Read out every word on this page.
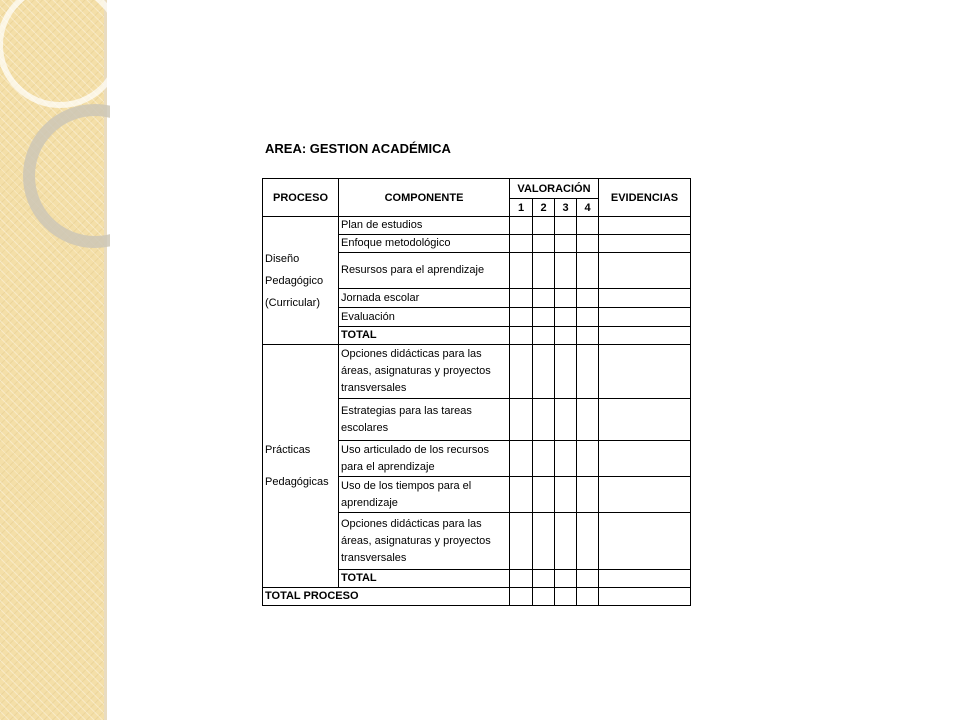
AREA: GESTION ACADÉMICA
PROCESO	COMPONENTE	VALORACIÓN				EVIDENCIAS
		1	2	3	4	

Diseño
Pedagógico
(Curricular)	Plan de estudios					
	Enfoque metodológico					
	Resursos para el aprendizaje					
	Jornada escolar					
	Evaluación					
	TOTAL					

Prácticas
Pedagógicas	Opciones didácticas para las áreas, asignaturas y proyectos transversales					
	Estrategias para las tareas escolares					
	Uso articulado de los recursos para el aprendizaje					
	Uso de los tiempos para el aprendizaje					
	Opciones didácticas para las áreas, asignaturas y proyectos transversales					
	TOTAL					
TOTAL PROCESO						
